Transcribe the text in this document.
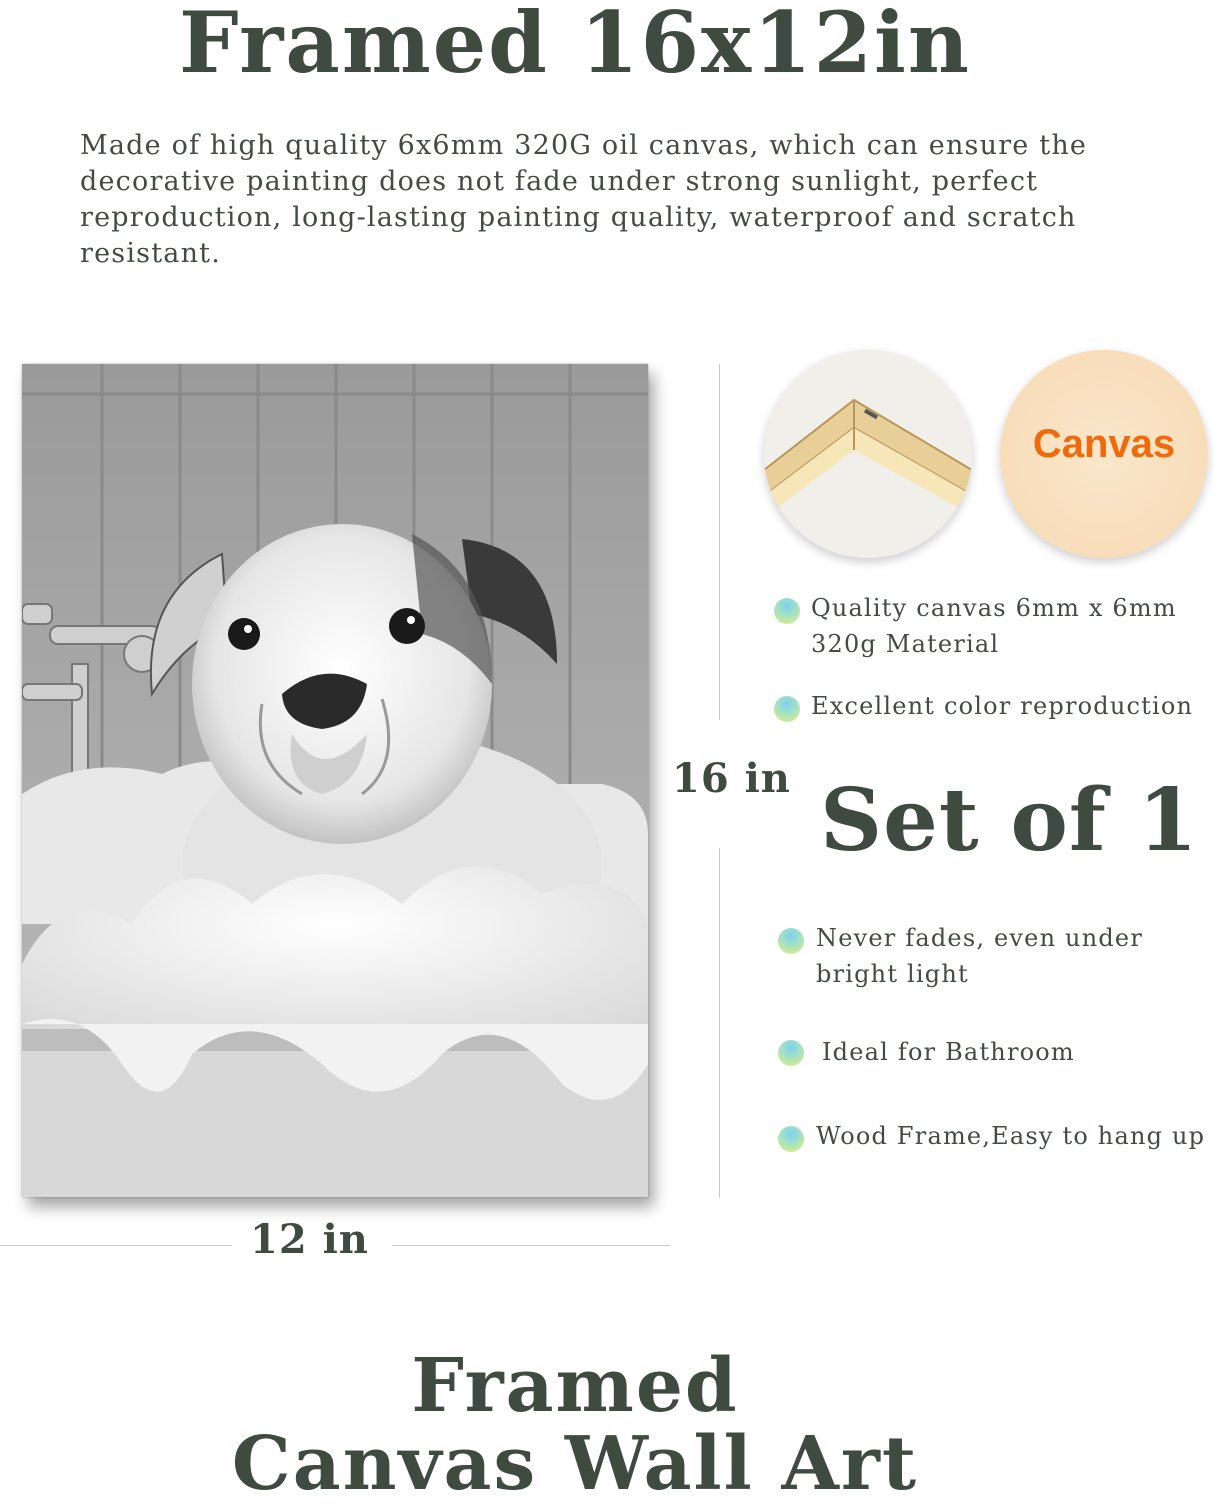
Framed 16x12in
Made of high quality 6x6mm 320G oil canvas, which can ensure the decorative painting does not fade under strong sunlight, perfect reproduction, long-lasting painting quality, waterproof and scratch resistant.
16 in
12 in
Canvas
Quality canvas 6mm x 6mm
320g Material
Excellent color reproduction
Set of 1
Never fades, even under
bright light
Ideal for Bathroom
Wood Frame,Easy to hang up
Framed
Canvas Wall Art
